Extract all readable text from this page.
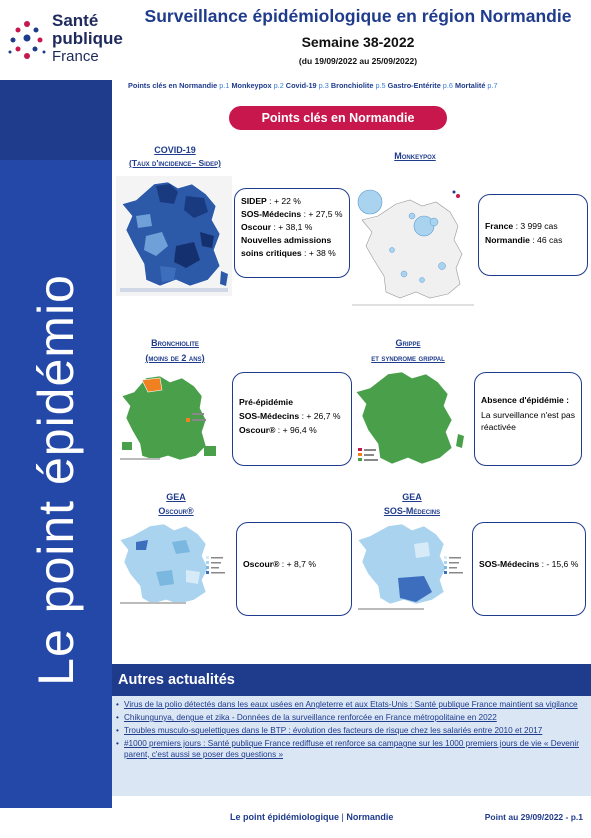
Santé
publique
France
Surveillance épidémiologique en région Normandie
Semaine 38-2022
(du 19/09/2022 au 25/09/2022)
Le point épidémio
Points clés en Normandie p.1 Monkeypox p.2 Covid-19 p.3 Bronchiolite p.5 Gastro-Entérite p.6 Mortalité p.7
Points clés en Normandie
COVID-19
(Taux d'incidence– Sidep)
SIDEP : + 22 %
SOS-Médecins : + 27,5 %
Oscour : + 38,1 %
Nouvelles admissions soins critiques : + 38 %
Monkeypox
France : 3 999 cas
Normandie : 46 cas
Bronchiolite
(moins de 2 ans)
Pré-épidémie
SOS-Médecins : + 26,7 %
Oscour® : + 96,4 %
Grippe
et syndrome grippal
Absence d'épidémie :
La surveillance n'est pas réactivée
GEA
Oscour®
Oscour® : + 8,7 %
GEA
SOS-Médecins
SOS-Médecins : - 15,6 %
Autres actualités
• Virus de la polio détectés dans les eaux usées en Angleterre et aux Etats-Unis : Santé publique France maintient sa vigilance
• Chikungunya, dengue et zika - Données de la surveillance renforcée en France métropolitaine en 2022
• Troubles musculo-squelettiques dans le BTP : évolution des facteurs de risque chez les salariés entre 2010 et 2017
• #1000 premiers jours : Santé publique France rediffuse et renforce sa campagne sur les 1000 premiers jours de vie « Devenir parent, c'est aussi se poser des questions »
Le point épidémiologique | Normandie	Point au 29/09/2022 - p.1
